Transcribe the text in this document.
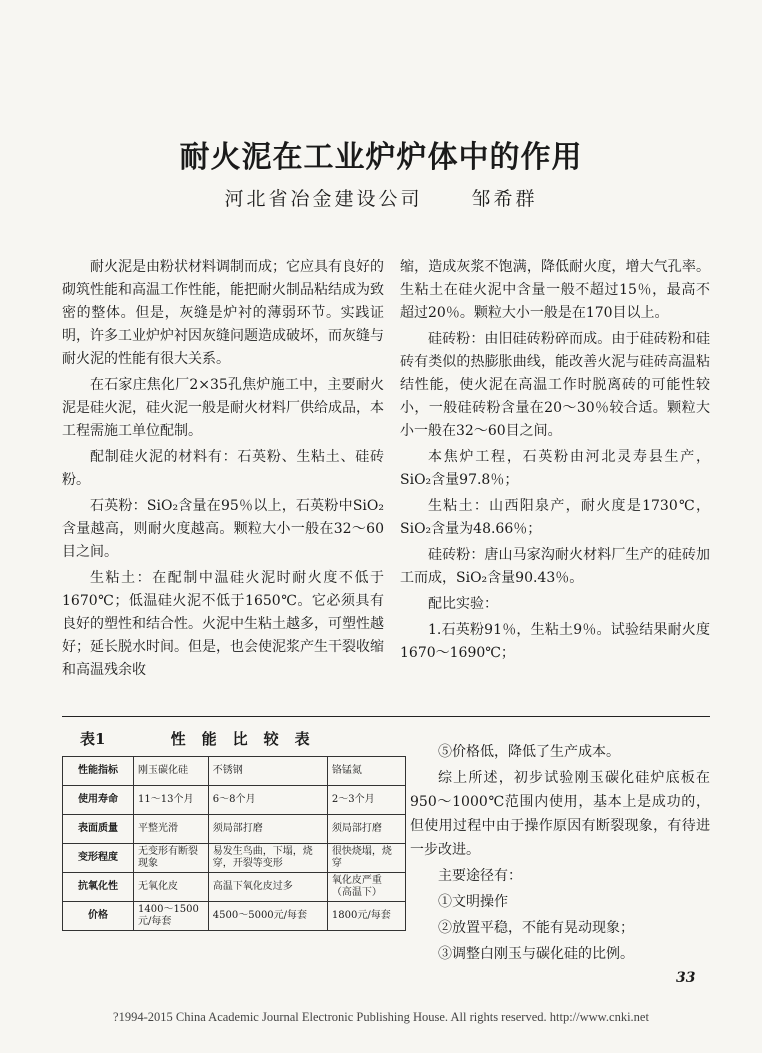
耐火泥在工业炉炉体中的作用
河北省冶金建设公司	邹希群

耐火泥是由粉状材料调制而成；它应具有良好的砌筑性能和高温工作性能，能把耐火制品粘结成为致密的整体。但是，灰缝是炉衬的薄弱环节。实践证明，许多工业炉炉衬因灰缝问题造成破坏，而灰缝与耐火泥的性能有很大关系。

在石家庄焦化厂2×35孔焦炉施工中，主要耐火泥是硅火泥，硅火泥一般是耐火材料厂供给成品，本工程需施工单位配制。

配制硅火泥的材料有：石英粉、生粘土、硅砖粉。

石英粉：SiO₂含量在95％以上，石英粉中SiO₂含量越高，则耐火度越高。颗粒大小一般在32～60目之间。

生粘土：在配制中温硅火泥时耐火度不低于1670℃；低温硅火泥不低于1650℃。它必须具有良好的塑性和结合性。火泥中生粘土越多，可塑性越好；延长脱水时间。但是，也会使泥浆产生干裂收缩和高温残余收

缩，造成灰浆不饱满，降低耐火度，增大气孔率。生粘土在硅火泥中含量一般不超过15％，最高不超过20％。颗粒大小一般是在170目以上。

硅砖粉：由旧硅砖粉碎而成。由于硅砖粉和硅砖有类似的热膨胀曲线，能改善火泥与硅砖高温粘结性能，使火泥在高温工作时脱离砖的可能性较小，一般硅砖粉含量在20～30％较合适。颗粒大小一般在32～60目之间。

本焦炉工程，石英粉由河北灵寿县生产，SiO₂含量97.8％；

生粘土：山西阳泉产，耐火度是1730℃，SiO₂含量为48.66％；

硅砖粉：唐山马家沟耐火材料厂生产的硅砖加工而成，SiO₂含量90.43％。

配比实验：

1.石英粉91％，生粘土9％。试验结果耐火度1670～1690℃；

表1	性能比较表
性能指标	刚玉碳化硅	不锈钢	铬锰氮
使用寿命	11～13个月	6～8个月	2～3个月
表面质量	平整光滑	须局部打磨	须局部打磨
变形程度	无变形有断裂现象	易发生鸟曲，下塌，烧穿，开裂等变形	很快烧塌，烧穿
抗氧化性	无氧化皮	高温下氧化皮过多	氧化皮严重（高温下）
价格	1400～1500元/每套	4500～5000元/每套	1800元/每套

⑤价格低，降低了生产成本。

综上所述，初步试验刚玉碳化硅炉底板在950～1000℃范围内使用，基本上是成功的，但使用过程中由于操作原因有断裂现象，有待进一步改进。

主要途径有：

①文明操作

②放置平稳，不能有晃动现象；

③调整白刚玉与碳化硅的比例。

33
?1994-2015 China Academic Journal Electronic Publishing House. All rights reserved. http://www.cnki.net
